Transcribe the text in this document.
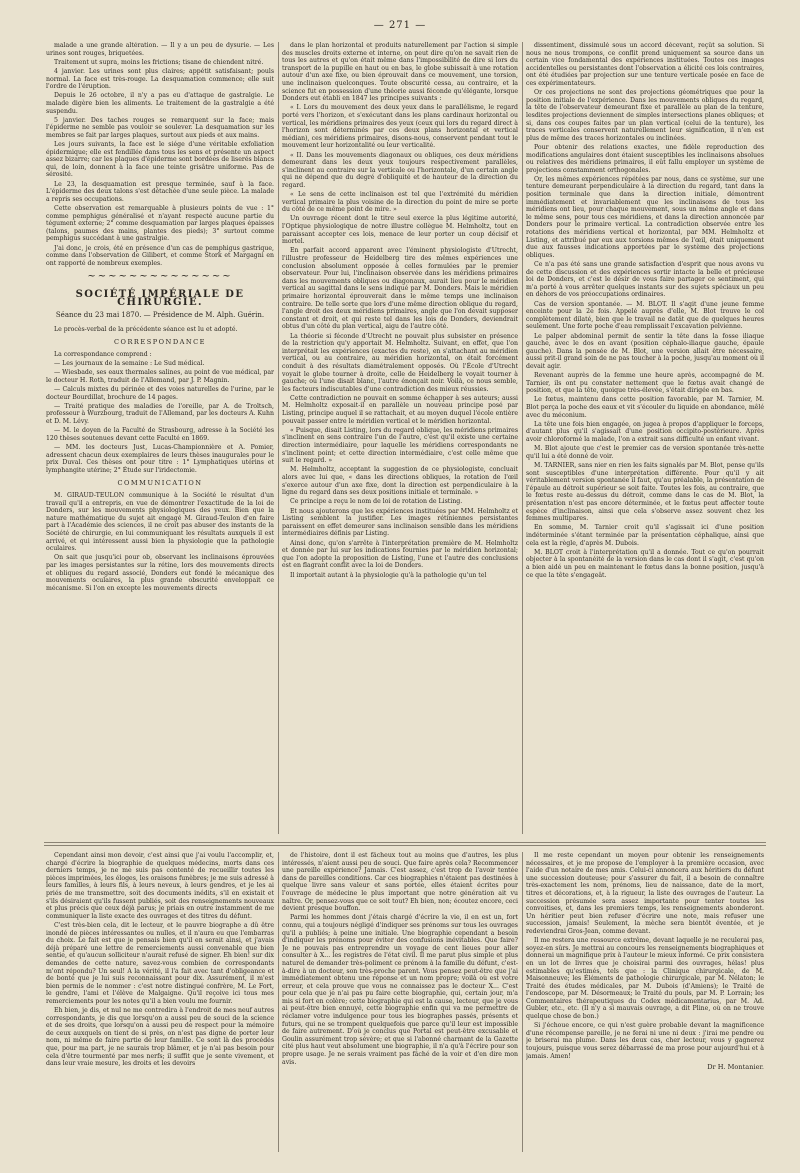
— 271 —

malade a une grande altération. — Il y a un peu de dysurie. — Les urines sont rouges, briquetées.

Traitement ut supra, moins les frictions; tisane de chiendent nitré.

4 janvier. Les urines sont plus claires; appétit satisfaisant; pouls normal. La face est très-rouge. La desquamation commence; elle suit l'ordre de l'éruption.

Depuis le 26 octobre, il n'y a pas eu d'attaque de gastralgie. Le malade digère bien les aliments. Le traitement de la gastralgie a été suspendu.

5 janvier. Des taches rouges se remarquent sur la face; mais l'épiderme ne semble pas vouloir se soulever. La desquamation sur les membres se fait par larges plaques, surtout aux pieds et aux mains.

Les jours suivants, la face est le siége d'une véritable exfoliation épidermique; elle est fendillée dans tous les sens et présente un aspect assez bizarre; car les plaques d'épiderme sont bordées de liserés blancs qui, de loin, donnent à la face une teinte grisâtre uniforme. Pas de sérosité.

Le 23, la desquamation est presque terminée, sauf à la face. L'épiderme des deux talons s'est détachée d'une seule pièce. La malade a repris ses occupations.

Cette observation est remarquable à plusieurs points de vue : 1° comme pemphigus généralisé et n'ayant respecté aucune partie du tégument externe; 2° comme desquamation par larges plaques épaisses (talons, paumes des mains, plantes des pieds); 3° surtout comme pemphigus succédant à une gastralgie.

J'ai donc, je crois, été en présence d'un cas de pemphigus gastrique, comme dans l'observation de Gilibert, et comme Stork et Margagni en ont rapporté de nombreux exemples.

~~~~~~~~~~~~~~
SOCIÉTÉ IMPÉRIALE DE CHIRURGIE.
Séance du 23 mai 1870. — Présidence de M. Alph. Guérin.

Le procès-verbal de la précédente séance est lu et adopté.

CORRESPONDANCE

La correspondance comprend :

— Les journaux de la semaine : Le Sud médical.

— Wiesbade, ses eaux thermales salines, au point de vue médical, par le docteur H. Roth, traduit de l'Allemand, par J. P. Magnin.

— Calculs mixtes du périnée et des voies naturelles de l'urine, par le docteur Bourdillat, brochure de 14 pages.

— Traité pratique des maladies de l'oreille, par A. de Troltsch, professeur à Wurzbourg, traduit de l'Allemand, par les docteurs A. Kuhn et D. M. Lévy.

— M. le doyen de la Faculté de Strasbourg, adresse à la Société les 120 thèses soutenues devant cette Faculté en 1869.

— MM. les docteurs Just, Lucas-Championnière et A. Pomier, adressent chacun deux exemplaires de leurs thèses inaugurales pour le prix Duval. Ces thèses ont pour titre : 1° Lymphatiques utérins et lymphangite utérine; 2° Étude sur l'iridectomie.

COMMUNICATION

M. GIRAUD-TEULON communique à la Société le résultat d'un travail qu'il a entrepris, en vue de démontrer l'exactitude de la loi de Donders, sur les mouvements physiologiques des yeux. Bien que la nature mathématique du sujet ait engagé M. Giraud-Teulon d'en faire part à l'Académie des sciences, il ne croit pas abuser des instants de la Société de chirurgie, en lui communiquant les résultats auxquels il est arrivé, et qui intéressent aussi bien la physiologie que la pathologie oculaires.

On sait que jusqu'ici pour ob, observant les inclinaisons éprouvées par les images persistantes sur la rétine, lors des mouvements directs et obliques du regard associé, Donders eut fondé le mécanique des mouvements oculaires, la plus grande obscurité enveloppait ce mécanisme. Si l'on en excepte les mouvements directs

dans le plan horizontal et produits naturellement par l'action si simple des muscles droits externe et interne, on peut dire qu'on ne savait rien de tous les autres et qu'on était même dans l'impossibilité de dire si lors du transport de la pupille en haut ou en bas, le globe subissait à une rotation autour d'un axe fixe, ou bien éprouvait dans ce mouvement, une torsion, une inclinaison quelconques. Toute obscurité cessa, au contraire, et la science fut en possession d'une théorie aussi féconde qu'élégante, lorsque Donders eut établi en 1847 les principes suivants :

« I. Lors du mouvement des deux yeux dans le parallélisme, le regard porté vers l'horizon, et s'exécutant dans les plans cardinaux horizontal ou vertical, les méridiens primaires des yeux (ceux qui lors du regard direct à l'horizon sont déterminés par ces deux plans horizontal et vertical médian), ces méridiens primaires, disons-nous, conservent pendant tout le mouvement leur horizontalité ou leur verticalité.

« II. Dans les mouvements diagonaux ou obliques, ces deux méridiens demeurant dans les deux yeux toujours respectivement parallèles, s'inclinent au contraire sur la verticale ou l'horizontale, d'un certain angle qui ne dépend que du degré d'obliquité et de hauteur de la direction du regard.

« Le sens de cette inclinaison est tel que l'extrémité du méridien vertical primaire la plus voisine de la direction du point de mire se porte du côté de ce même point de mire. »

Un ouvrage récent dont le titre seul exerce la plus légitime autorité, l'Optique physiologique de notre illustre collègue M. Helmholtz, tout en paraissant accepter ces lois, menace de leur porter un coup décisif et mortel.

En parfait accord apparent avec l'éminent physiologiste d'Utrecht, l'illustre professeur de Heidelberg tire des mêmes expériences une conclusion absolument opposée à celles formulées par le premier observateur. Pour lui, l'inclinaison observée dans les méridiens primaires dans les mouvements obliques ou diagonaux, aurait lieu pour le méridien vertical au sagittal dans le sens indiqué par M. Donders. Mais le méridien primaire horizontal éprouverait dans le même temps une inclinaison contraire. De telle sorte que lors d'une même direction oblique du regard, l'angle droit des deux méridiens primaires, angle que l'on devait supposer constant et droit, et qui reste tel dans les lois de Donders, deviendrait obtus d'un côté du plan vertical, aigu de l'autre côté.

La théorie si féconde d'Utrecht ne pouvait plus subsister en présence de la restriction qu'y apportait M. Helmholtz. Suivant, en effet, que l'on interprétait les expériences (exactes du reste), en s'attachant au méridien vertical, ou au contraire, au méridien horizontal, on était forcément conduit à des résultats diamétralement opposés. Où l'École d'Utrecht voyait le globe tourner à droite, celle de Heidelberg le voyait tourner à gauche; où l'une disait blanc, l'autre énonçait noir. Voilà, ce nous semble, les facteurs indiscutables d'une contradiction des mieux réussies.

Cette contradiction ne pouvait en somme échapper à ses auteurs; aussi M. Helmholtz exposait-il en parallèle un nouveau principe posé par Listing, principe auquel il se rattachait, et au moyen duquel l'école entière pouvait passer entre le méridien vertical et le méridien horizontal.

« Puisque, disait Listing, lors du regard oblique, les méridiens primaires s'inclinent en sens contraire l'un de l'autre, c'est qu'il existe une certaine direction intermédiaire, pour laquelle les méridiens correspondants ne s'inclinent point; et cette direction intermédiaire, c'est celle même que suit le regard. »

M. Helmholtz, acceptant la suggestion de ce physiologiste, concluait alors avec lui que, « dans les directions obliques, la rotation de l'œil s'exerce autour d'un axe fixe, dont la direction est perpendiculaire à la ligne du regard dans ses deux positions initiale et terminale. »

Ce principe a reçu le nom de loi de rotation de Listing.

Et nous ajouterons que les expériences instituées par MM. Helmholtz et Listing semblent la justifier. Les images rétiniennes persistantes paraissent en effet demeurer sans inclinaison sensible dans les méridiens intermédiaires définis par Listing.

Ainsi donc, qu'on s'arrête à l'interprétation première de M. Helmholtz et donnée par lui sur les indications fournies par le méridien horizontal; que l'on adopte la proposition de Listing, l'une et l'autre des conclusions est en flagrant conflit avec la loi de Donders.

Il importait autant à la physiologie qu'à la pathologie qu'un tel

dissentiment, dissimulé sous un accord décevant, reçût sa solution. Si nous ne nous trompons, ce conflit prend uniquement sa source dans un certain vice fondamental des expériences instituées. Toutes ces images accidentelles ou persistantes dont l'observation a élicité ces lois contraires, ont été étudiées par projection sur une tenture verticale posée en face de ces expérimentateurs.

Or ces projections ne sont des projections géométriques que pour la position initiale de l'expérience. Dans les mouvements obliques du regard, la tête de l'observateur demeurant fixe et parallèle au plan de la tenture, lesdites projections deviennent de simples intersections planes obliques; et si, dans ces coupes faites par un plan vertical (celui de la tenture), les traces verticales conservent naturellement leur signification, il n'en est plus de même des traces horizontales ou inclinées.

Pour obtenir des relations exactes, une fidèle reproduction des modifications angulaires dont étaient susceptibles les inclinaisons absolues ou relatives des méridiens primaires, il eût fallu employer un système de projections constamment orthogonales.

Or, les mêmes expériences répétées par nous, dans ce système, sur une tenture demeurant perpendiculaire à la direction du regard, tant dans la position terminale que dans la direction initiale, démontrent immédiatement et invariablement que les inclinaisons de tous les méridiens ont lieu, pour chaque mouvement, sous un même angle et dans le même sens, pour tous ces méridiens, et dans la direction annoncée par Donders pour le primaire vertical. La contradiction observée entre les rotations des méridiens vertical et horizontal, par MM. Helmholtz et Listing, et attribué par eux aux torsions mêmes de l'œil, était uniquement due aux fausses indications apportées par le système des projections obliques.

Ce n'a pas été sans une grande satisfaction d'esprit que nous avons vu de cette discussion et des expériences sortir intacte la belle et précieuse loi de Donders, et c'est le désir de vous faire partager ce sentiment, qui m'a porté à vous arrêter quelques instants sur des sujets spéciaux un peu en dehors de vos préoccupations ordinaires.

Cas de version spontanée. — M. BLOT. Il s'agit d'une jeune femme enceinte pour la 2e fois. Appelé auprès d'elle, M. Blot trouve le col complètement dilaté, bien que le travail ne datât que de quelques heures seulement. Une forte poche d'eau remplissait l'excavation pelvienne.

Le palper abdominal permit de sentir la tête dans la fosse iliaque gauche, avec le dos en avant (position céphalo-iliaque gauche, épaule gauche). Dans la pensée de M. Blot, une version allait être nécessaire, aussi prit-il grand soin de ne pas toucher à la poche, jusqu'au moment où il devait agir.

Revenant auprès de la femme une heure après, accompagné de M. Tarnier, ils ont pu constater nettement que le fœtus avait changé de position, et que la tête, quoique très-élevée, s'était dirigée en bas.

Le fœtus, maintenu dans cette position favorable, par M. Tarnier, M. Blot perça la poche des eaux et vit s'écouler du liquide en abondance, mêlé avec du méconium.

La tête une fois bien engagée, on jugea à propos d'appliquer le forceps, d'autant plus qu'il s'agissait d'une position occipito-postérieure. Après avoir chloroformé la malade, l'on a extrait sans difficulté un enfant vivant.

M. Blot ajoute que c'est le premier cas de version spontanée très-nette qu'il lui a été donné de voir.

M. TARNIER, sans nier en rien les faits signalés par M. Blot, pense qu'ils sont susceptibles d'une interprétation différente. Pour qu'il y ait véritablement version spontanée il faut, qu'au préalable, la présentation de l'épaule au détroit supérieur se soit faite. Toutes les fois, au contraire, que le fœtus reste au-dessus du détroit, comme dans le cas de M. Blot, la présentation n'est pas encore déterminée, et le fœtus peut affecter toute espèce d'inclinaison, ainsi que cela s'observe assez souvent chez les femmes multipares.

En somme, M. Tarnier croit qu'il s'agissait ici d'une position indéterminée s'étant terminée par la présentation céphalique, ainsi que cela est la règle, d'après M. Dubois.

M. BLOT croit à l'interprétation qu'il a donnée. Tout ce qu'on pourrait objecter à la spontanéité de la version dans le cas dont il s'agit, c'est qu'on a bien aidé un peu en maintenant le fœtus dans la bonne position, jusqu'à ce que la tête s'engageât.

Cependant ainsi mon devoir, c'est ainsi que j'ai voulu l'accomplir, et, chargé d'écrire la biographie de quelques médecins, morts dans ces derniers temps, je ne me suis pas contenté de recueillir toutes les pièces imprimées, les éloges, les oraisons funèbres; je me suis adressé à leurs familles, à leurs fils, à leurs neveux, à leurs gendres, et je les ai priés de me transmettre, soit des documents inédits, s'il en existait et s'ils désiraient qu'ils fussent publiés, soit des renseignements nouveaux et plus précis que ceux déjà parus; je priais en outre instamment de me communiquer la liste exacte des ouvrages et des titres du défunt.

C'est très-bien cela, dit le lecteur, et le pauvre biographe a dû être inondé de pièces intéressantes ou nulles, et il n'aura eu que l'embarras du choix. Le fait est que je pensais bien qu'il en serait ainsi, et j'avais déjà préparé une lettre de remerciements aussi convenable que bien sentie, et qu'aucun solliciteur n'aurait refusé de signer. Eh bien! sur dix demandes de cette nature, savez-vous combien de correspondants m'ont répondu? Un seul! A la vérité, il l'a fait avec tant d'obligeance et de bonté que je lui suis reconnaissant pour dix. Assurément, il m'est bien permis de le nommer : c'est notre distingué confrère, M. Le Fort, le gendre, l'ami et l'élève de Malgaigne. Qu'il reçoive ici tous mes remerciements pour les notes qu'il a bien voulu me fournir.

Eh bien, je dis, et nul ne me contredira à l'endroit de mes neuf autres correspondants, je dis que lorsqu'on a aussi peu de souci de la science et de ses droits, que lorsqu'on a aussi peu de respect pour la mémoire de ceux auxquels on tient de si près, on n'est pas digne de porter leur nom, ni même de faire partie de leur famille. Ce sont là des procédés que, pour ma part, je ne saurais trop blâmer, et je n'ai pas besoin pour cela d'être tourmenté par mes nerfs; il suffit que je sente vivement, et dans leur vraie mesure, les droits et les devoirs

de l'histoire, dont il est fâcheux tout au moins que d'autres, les plus intéressés, n'aient aussi peu de souci. Que faire après cela? Recommencer une pareille expérience? Jamais. C'est assez, c'est trop de l'avoir tentée dans de pareilles conditions. Car ces biographies n'étaient pas destinées à quelque livre sans valeur et sans portée, elles étaient écrites pour l'ouvrage de médecine le plus important que notre génération ait vu naître. Or, pensez-vous que ce soit tout? Eh bien, non; écoutez encore, ceci devient presque bouffon.

Parmi les hommes dont j'étais chargé d'écrire la vie, il en est un, fort connu, qui a toujours négligé d'indiquer ses prénoms sur tous les ouvrages qu'il a publiés; à peine une initiale. Une biographie cependant a besoin d'indiquer les prénoms pour éviter des confusions inévitables. Que faire? Je ne pouvais pas entreprendre un voyage de cent lieues pour aller consulter à X... les registres de l'état civil. Il me parut plus simple et plus naturel de demander très-poliment ce prénom à la famille du défunt, c'est-à-dire à un docteur, son très-proche parent. Vous pensez peut-être que j'ai immédiatement obtenu une réponse et un nom propre; voilà où est votre erreur, et cela prouve que vous ne connaissez pas le docteur X... C'est pour cela que je n'ai pas pu faire cette biographie, qui, certain jour, m'a mis si fort en colère; cette biographie qui est la cause, lecteur, que je vous ai peut-être bien ennuyé, cette biographie enfin qui va me permettre de réclamer votre indulgence pour tous les biographes passés, présents et futurs, qui ne se trompent quelquefois que parce qu'il leur est impossible de faire autrement. D'où je conclus que Portal est peut-être excusable et Goulin assurément trop sévère; et que si l'abonné charmant de la Gazette cité plus haut veut absolument une biographie, il n'a qu'à l'écrire pour son propre usage. Je ne serais vraiment pas fâché de la voir et d'en dire mon avis.

Il me reste cependant un moyen pour obtenir les renseignements nécessaires, et je me propose de l'employer à la première occasion, avec l'aide d'un notaire de mes amis. Celui-ci annoncera aux héritiers du défunt une succession douteuse; pour s'assurer du fait, il a besoin de connaître très-exactement les nom, prénoms, lieu de naissance, date de la mort, titres et décorations, et, à la rigueur, la liste des ouvrages de l'auteur. La succession présumée sera assez importante pour tenter toutes les convoitises, et, dans les premiers temps, les renseignements abonderont. Un héritier peut bien refuser d'écrire une note, mais refuser une succession, jamais! Seulement, la mèche sera bientôt éventée, et je redeviendrai Gros-Jean, comme devant.

Il me restera une ressource extrême, devant laquelle je ne reculerai pas, soyez-en sûrs. Je mettrai au concours les renseignements biographiques et donnerai un magnifique prix à l'auteur le mieux informé. Ce prix consistera en un lot de livres que je choisirai parmi des ouvrages, hélas! plus estimables qu'estimés, tels que : la Clinique chirurgicale, de M. Maisonneuve; les Éléments de pathologie chirurgicale, par M. Nélaton; le Traité des études médicales, par M. Dubois (d'Amiens); le Traité de l'endoscope, par M. Désormeaux; le Traité du pouls, par M. P. Lorrain; les Commentaires thérapeutiques du Codex médicamentarius, par M. Ad. Gubler, etc., etc. (Il n'y a si mauvais ouvrage, a dit Pline, où on ne trouve quelque chose de bon.)

Si j'échoue encore, ce qui n'est guère probable devant la magnificence d'une récompense pareille, je ne ferai ni une ni deux : j'irai me pendre ou je briserai ma plume. Dans les deux cas, cher lecteur, vous y gagnerez toujours, puisque vous serez débarrassé de ma prose pour aujourd'hui et à jamais. Amen!

Dr H. Montanier.
